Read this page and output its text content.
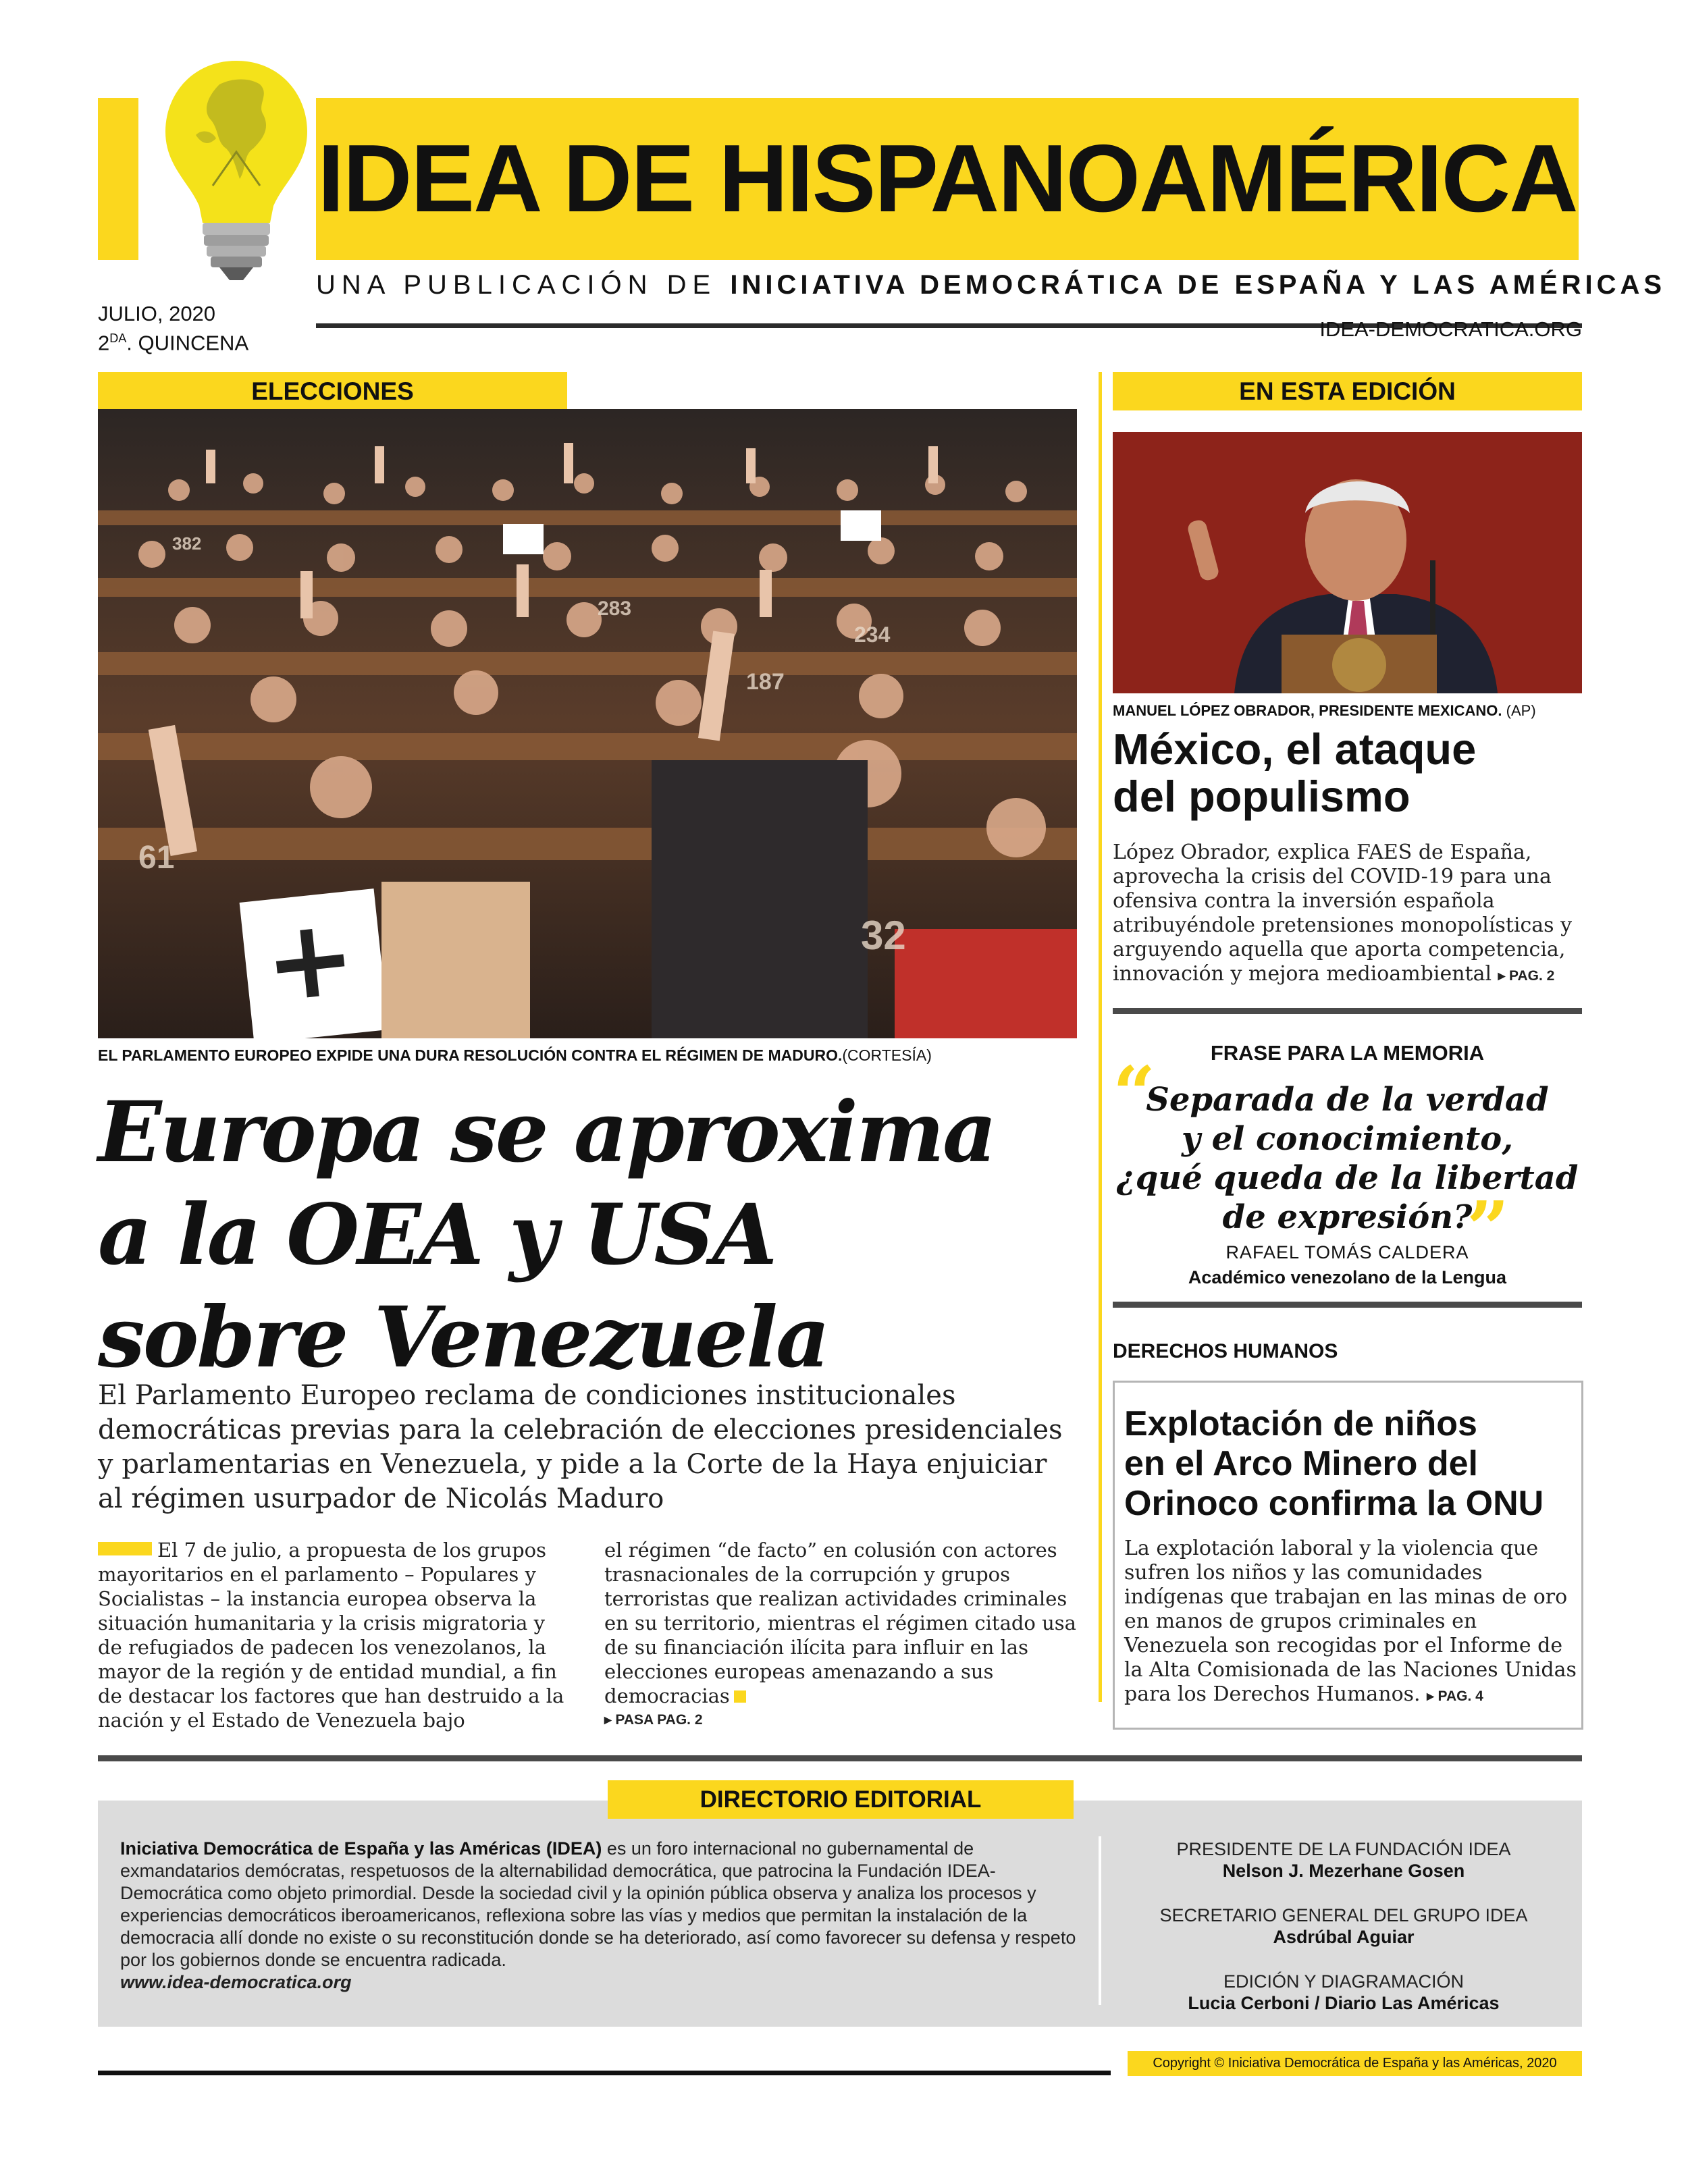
IDEA DE HISPANOAMÉRICA
UNA PUBLICACIÓN DE INICIATIVA DEMOCRÁTICA DE ESPAÑA Y LAS AMÉRICAS
JULIO, 2020
$2^{DA}$. QUINCENA
IDEA-DEMOCRATICA.ORG
ELECCIONES
382
283
234
187
61
32
EL PARLAMENTO EUROPEO EXPIDE UNA DURA RESOLUCIÓN CONTRA EL RÉGIMEN DE MADURO.(CORTESÍA)
Europa se aproxima
a la OEA y USA
sobre Venezuela
El Parlamento Europeo reclama de condiciones institucionales democráticas previas para la celebración de elecciones presidenciales y parlamentarias en Venezuela, y pide a la Corte de la Haya enjuiciar al régimen usurpador de Nicolás Maduro
El 7 de julio, a propuesta de los grupos mayoritarios en el parlamento – Populares y Socialistas – la instancia europea observa la situación humanitaria y la crisis migratoria y de refugiados de padecen los venezolanos, la mayor de la región y de entidad mundial, a fin de destacar los factores que han destruido a la nación y el Estado de Venezuela bajo
el régimen “de facto” en colusión con actores trasnacionales de la corrupción y grupos terroristas que realizan actividades criminales en su territorio, mientras el régimen citado usa de su financiación ilícita para influir en las elecciones europeas amenazando a sus democracias
▸ PASA PAG. 2
EN ESTA EDICIÓN
MANUEL LÓPEZ OBRADOR, PRESIDENTE MEXICANO. (AP)
México, el ataque
del populismo
López Obrador, explica FAES de España, aprovecha la crisis del COVID-19 para una ofensiva contra la inversión española atribuyéndole pretensiones monopolísticas y arguyendo aquella que aporta competencia, innovación y mejora medioambiental ▸ PAG. 2
FRASE PARA LA MEMORIA
“
Separada de la verdad
y el conocimiento,
¿qué queda de la libertad
de expresión?
”
RAFAEL TOMÁS CALDERA
Académico venezolano de la Lengua
DERECHOS HUMANOS
Explotación de niños
en el Arco Minero del
Orinoco confirma la ONU
La explotación laboral y la violencia que sufren los niños y las comunidades indígenas que trabajan en las minas de oro en manos de grupos criminales en Venezuela son recogidas por el Informe de la Alta Comisionada de las Naciones Unidas para los Derechos Humanos. ▸ PAG. 4
DIRECTORIO EDITORIAL
Iniciativa Democrática de España y las Américas (IDEA) es un foro internacional no gubernamental de exmandatarios demócratas, respetuosos de la alternabilidad democrática, que patrocina la Fundación IDEA-Democrática como objeto primordial. Desde la sociedad civil y la opinión pública observa y analiza los procesos y experiencias democráticos iberoamericanos, reflexiona sobre las vías y medios que permitan la instalación de la democracia allí donde no existe o su reconstitución donde se ha deteriorado, así como favorecer su defensa y respeto por los gobiernos donde se encuentra radicada.
www.idea-democratica.org
PRESIDENTE DE LA FUNDACIÓN IDEA
Nelson J. Mezerhane Gosen
SECRETARIO GENERAL DEL GRUPO IDEA
Asdrúbal Aguiar
EDICIÓN Y DIAGRAMACIÓN
Lucia Cerboni / Diario Las Américas
Copyright © Iniciativa Democrática de España y las Américas, 2020
